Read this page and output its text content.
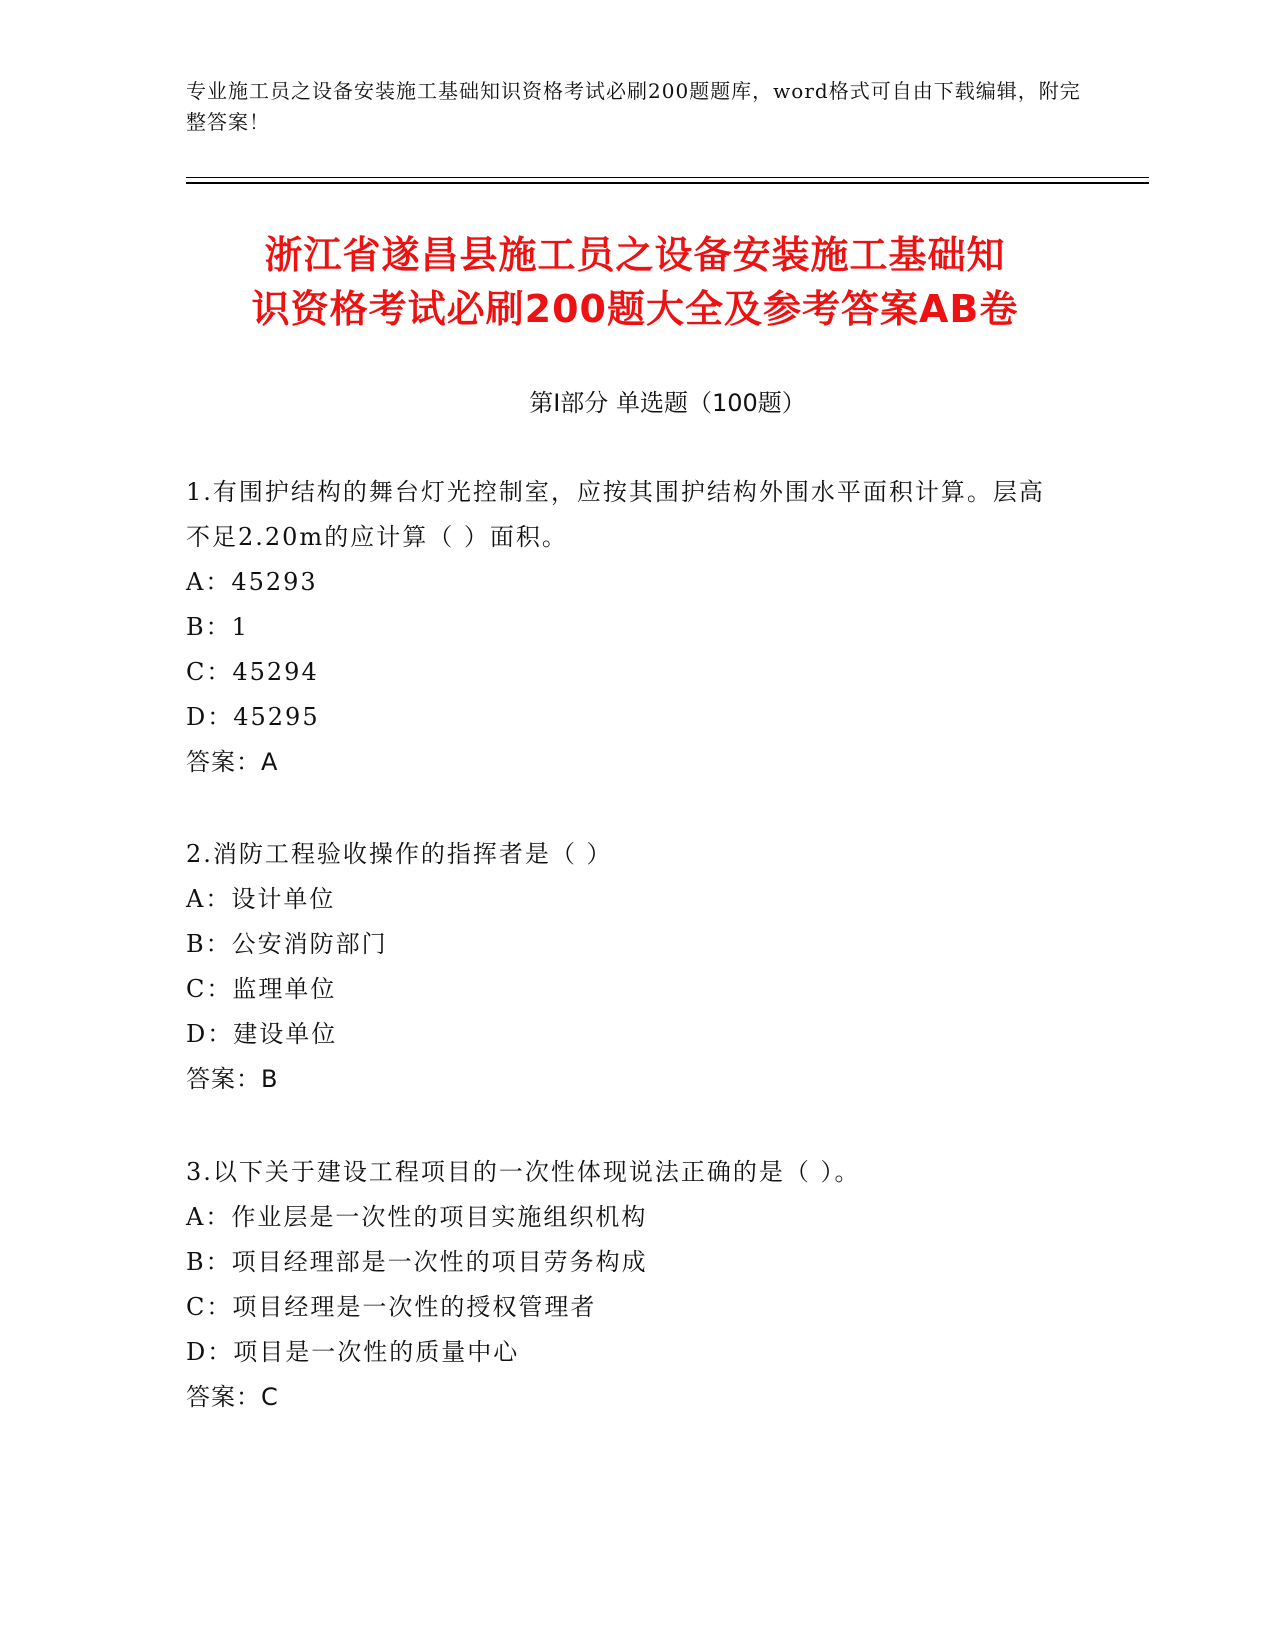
专业施工员之设备安装施工基础知识资格考试必刷200题题库，word格式可自由下载编辑，附完整答案！
浙江省遂昌县施工员之设备安装施工基础知
识资格考试必刷200题大全及参考答案AB卷
第Ⅰ部分 单选题（100题）
1.有围护结构的舞台灯光控制室，应按其围护结构外围水平面积计算。层高不足2.20m的应计算（ ）面积。
A：45293
B：1
C：45294
D：45295
答案：A
2.消防工程验收操作的指挥者是（ ）
A：设计单位
B：公安消防部门
C：监理单位
D：建设单位
答案：B
3.以下关于建设工程项目的一次性体现说法正确的是（ ）。
A：作业层是一次性的项目实施组织机构
B：项目经理部是一次性的项目劳务构成
C：项目经理是一次性的授权管理者
D：项目是一次性的质量中心
答案：C
